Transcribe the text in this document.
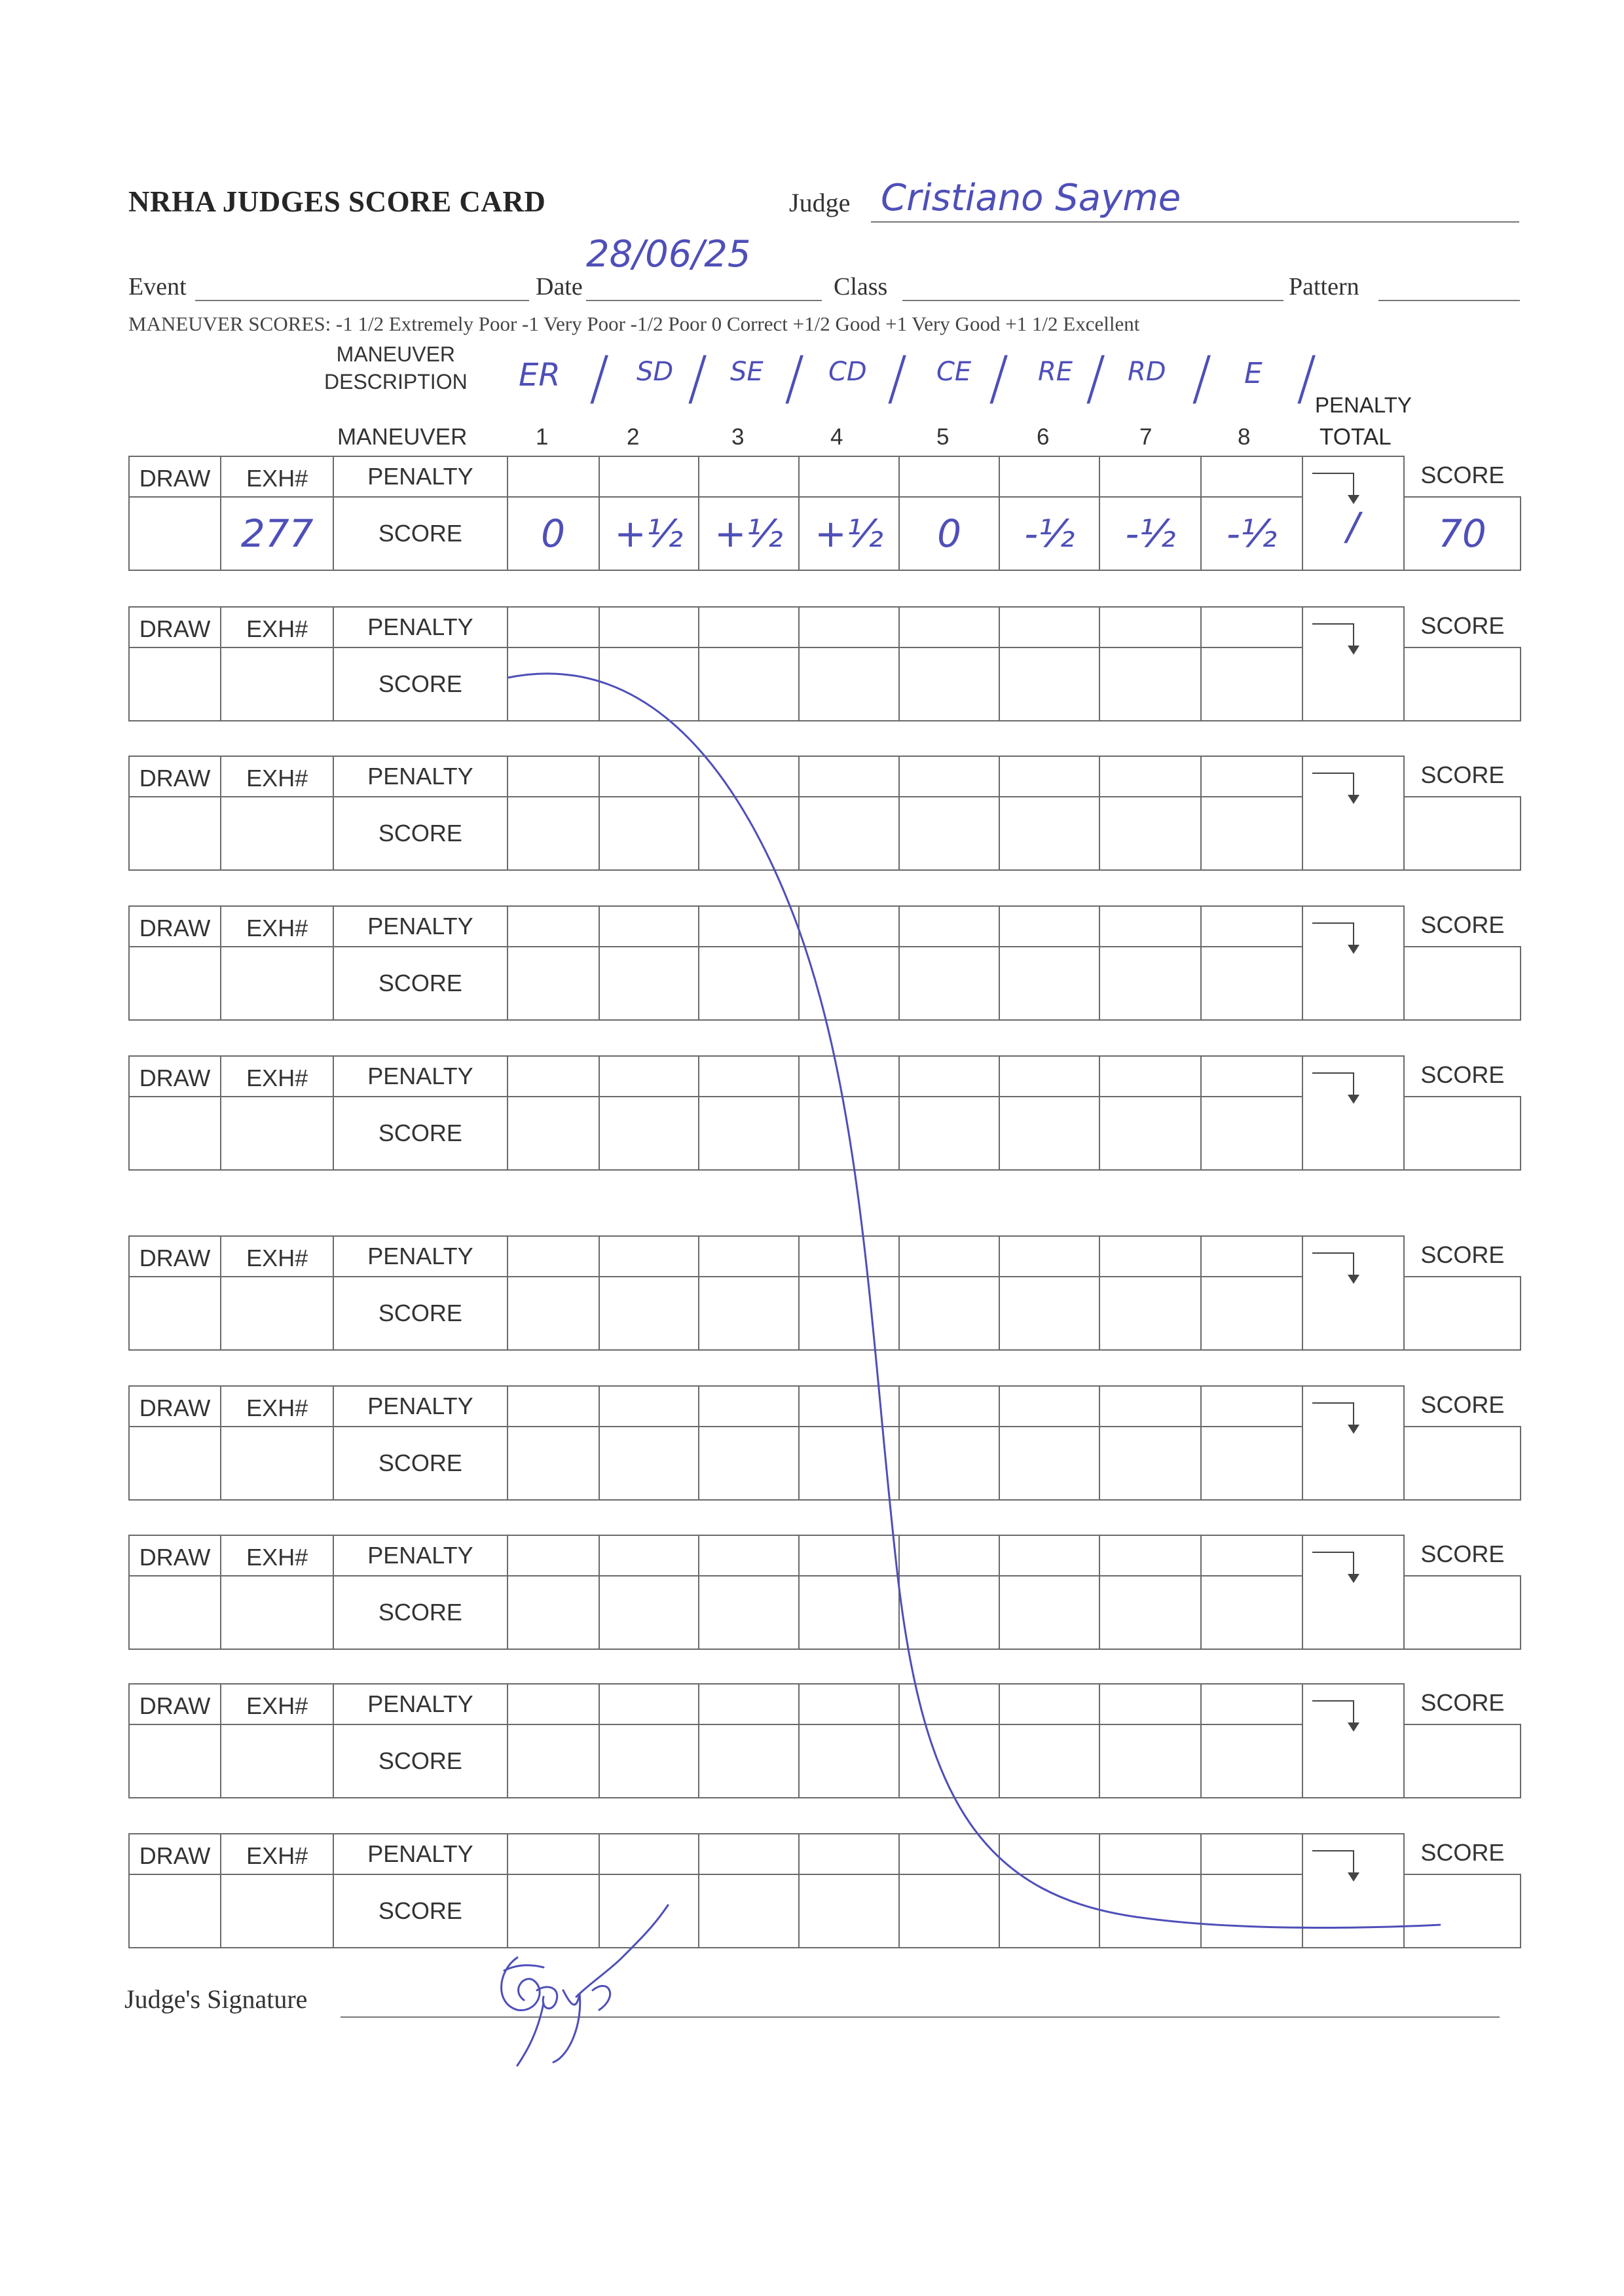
NRHA JUDGES SCORE CARD	Judge Cristiano Sayme
Event	Date
28/06/25
Class	Pattern
MANEUVER SCORES: -1 1/2 Extremely Poor -1 Very Poor -1/2 Poor 0 Correct +1/2 Good +1 Very Good +1 1/2 Excellent
MANEUVER
DESCRIPTION ER / SD / SE / CD / CE / RE / RD / E /
MANEUVER	1	2	3	4	5	6	7	8
PENALTY
TOTAL
DRAW	EXH#	PENALTY									/	SCORE
	277	SCORE	0	+½	+½	+½	0	-½	-½	-½		70
DRAW	EXH#	PENALTY										SCORE
		SCORE										
DRAW	EXH#	PENALTY										SCORE
		SCORE										
DRAW	EXH#	PENALTY										SCORE
		SCORE										
DRAW	EXH#	PENALTY										SCORE
		SCORE										
DRAW	EXH#	PENALTY										SCORE
		SCORE										
DRAW	EXH#	PENALTY										SCORE
		SCORE										
DRAW	EXH#	PENALTY										SCORE
		SCORE										
DRAW	EXH#	PENALTY										SCORE
		SCORE										
DRAW	EXH#	PENALTY										SCORE
		SCORE										
Judge's Signature
